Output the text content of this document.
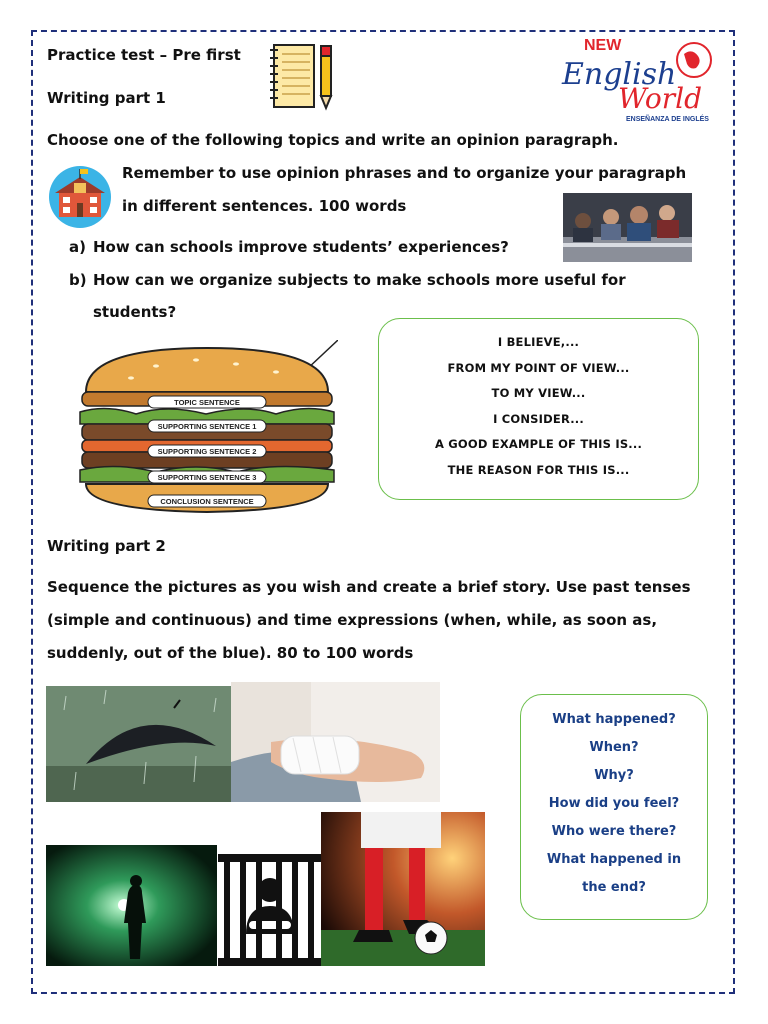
Practice test – Pre first
Writing part 1
NEW
English
World
ENSEÑANZA DE INGLÉS
Choose one of the following topics and write an opinion paragraph.
Remember to use opinion phrases and to organize your paragraph
in different sentences. 100 words
a) How can schools improve students’ experiences?
b) How can we organize subjects to make schools more useful for
students?
TOPIC SENTENCE
SUPPORTING SENTENCE 1
SUPPORTING SENTENCE 2
SUPPORTING SENTENCE 3
CONCLUSION SENTENCE
I BELIEVE,...
FROM MY POINT OF VIEW...
TO MY VIEW...
I CONSIDER...
A GOOD EXAMPLE OF THIS IS...
THE REASON FOR THIS IS...
Writing part 2
Sequence the pictures as you wish and create a brief story. Use past tenses
(simple and continuous) and time expressions (when, while, as soon as,
suddenly, out of the blue). 80 to 100 words
What happened?
When?
Why?
How did you feel?
Who were there?
What happened in
the end?
